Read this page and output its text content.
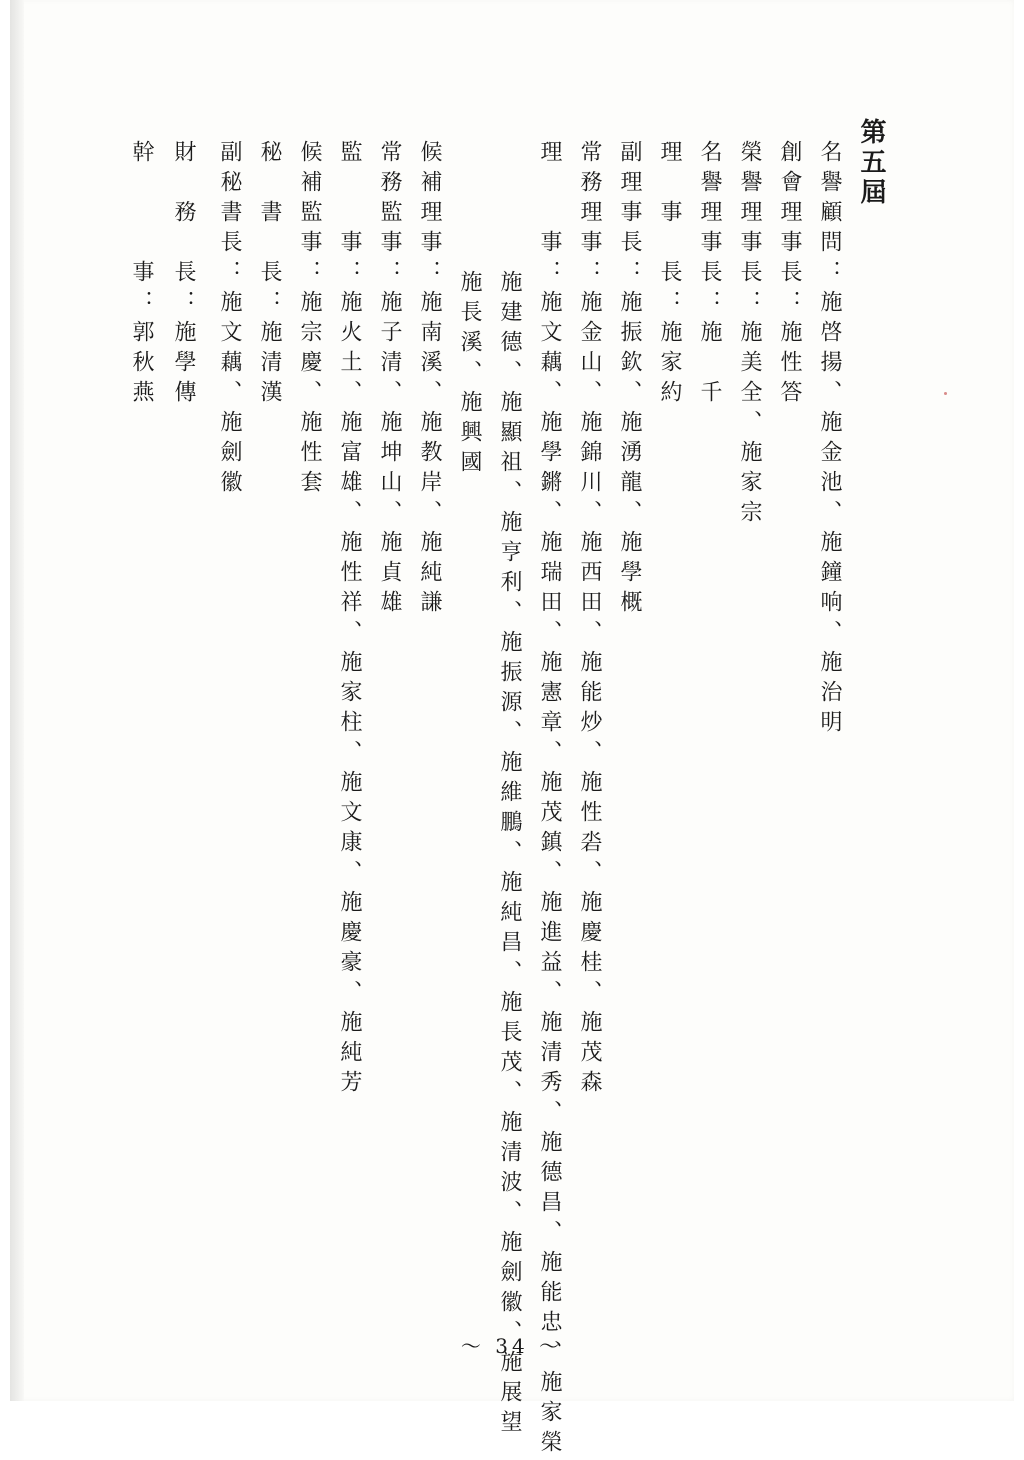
第五屆
名譽顧問：施啓揚、施金池、施鐘响、施治明
創會理事長：施性答
榮譽理事長：施美全、施家宗
名譽理事長：施　千
理　事　長：施家約
副理事長：施振欽、施湧龍、施學概
常務理事：施金山、施錦川、施西田、施能炒、施性沯、施慶桂、施茂森
理　　事：施文藕、施學鏘、施瑞田、施憲章、施茂鎮、施進益、施清秀、施德昌、施能忠、施家榮
施建德、施顯祖、施亨利、施振源、施維鵬、施純昌、施長茂、施清波、施劍徽、施展望
施長溪、施興國
候補理事：施南溪、施教岸、施純謙
常務監事：施子清、施坤山、施貞雄
監　　事：施火土、施富雄、施性祥、施家柱、施文康、施慶豪、施純芳
候補監事：施宗慶、施性套
秘　書　長：施清漢
副秘書長：施文藕、施劍徽
財　務　長：施學傳
幹　　　事：郭秋燕
～ 34 ～
